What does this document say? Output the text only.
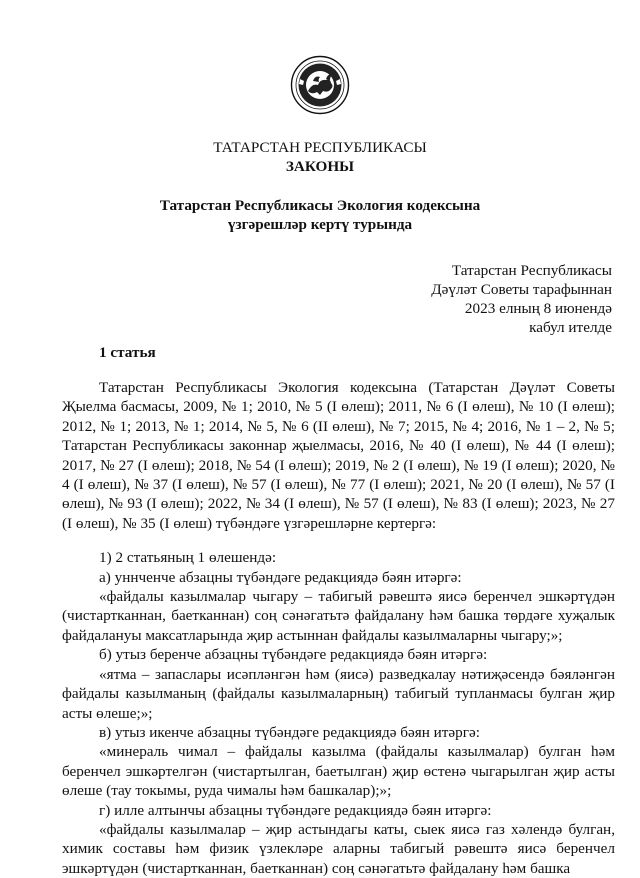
ТАТАРСТАН РЕСПУБЛИКАСЫ
ЗАКОНЫ
Татарстан Республикасы Экология кодексына
үзгәрешләр кертү турында
Татарстан Республикасы
Дәүләт Советы тарафыннан
2023 елның 8 июнендә
кабул ителде
1 статья

Татарстан Республикасы Экология кодексына (Татарстан Дәүләт Советы Җыелма басмасы, 2009, № 1; 2010, № 5 (I өлеш); 2011, № 6 (I өлеш), № 10 (I өлеш); 2012, № 1; 2013, № 1; 2014, № 5, № 6 (II өлеш), № 7; 2015, № 4; 2016, № 1 – 2, № 5; Татарстан Республикасы законнар җыелмасы, 2016, № 40 (I өлеш), № 44 (I өлеш); 2017, № 27 (I өлеш); 2018, № 54 (I өлеш); 2019, № 2 (I өлеш), № 19 (I өлеш); 2020, № 4 (I өлеш), № 37 (I өлеш), № 57 (I өлеш), № 77 (I өлеш); 2021, № 20 (I өлеш), № 57 (I өлеш), № 93 (I өлеш); 2022, № 34 (I өлеш), № 57 (I өлеш), № 83 (I өлеш); 2023, № 27 (I өлеш), № 35 (I өлеш) түбәндәге үзгәрешләрне кертергә:

1) 2 статьяның 1 өлешендә:

а) уннченче абзацны түбәндәге редакциядә бәян итәргә:

«файдалы казылмалар чыгару – табигый рәвештә яисә беренчел эшкәртүдән (чистартканнан, баетканнан) соң сәнәгатьтә файдалану һәм башка төрдәге хуҗалык файдалануы максатларында җир астыннан файдалы казылмаларны чыгару;»;

б) утыз беренче абзацны түбәндәге редакциядә бәян итәргә:

«ятма – запаслары исәпләнгән һәм (яисә) разведкалау нәтиҗәсендә бәяләнгән файдалы казылманың (файдалы казылмаларның) табигый тупланмасы булган җир асты өлеше;»;

в) утыз икенче абзацны түбәндәге редакциядә бәян итәргә:

«минераль чимал – файдалы казылма (файдалы казылмалар) булган һәм беренчел эшкәртелгән (чистартылган, баетылган) җир өстенә чыгарылган җир асты өлеше (тау токымы, руда чималы һәм башкалар);»;

г) илле алтынчы абзацны түбәндәге редакциядә бәян итәргә:

«файдалы казылмалар – җир астындагы каты, сыек яисә газ хәлендә булган, химик составы һәм физик үзлекләре аларны табигый рәвештә яисә беренчел эшкәртүдән (чистартканнан, баетканнан) соң сәнәгатьтә файдалану һәм башка
